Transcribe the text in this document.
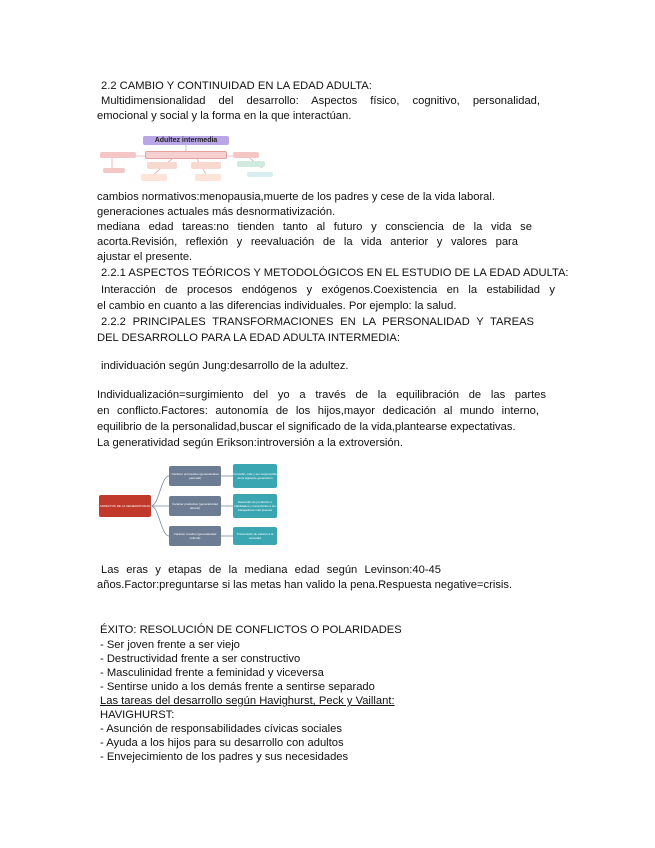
2.2 CAMBIO Y CONTINUIDAD EN LA EDAD ADULTA:
Multidimensionalidad del desarrollo: Aspectos físico, cognitivo, personalidad,
emocional y social y la forma en la que interactúan.
Adultez intermedia
cambios normativos:menopausia,muerte de los padres y cese de la vida laboral.
generaciones actuales más desnormativización.
mediana edad tareas:no tienden tanto al futuro y consciencia de la vida se
acorta.Revisión, reflexión y reevaluación de la vida anterior y valores para
ajustar el presente.
2.2.1 ASPECTOS TEÓRICOS Y METODOLÓGICOS EN EL ESTUDIO DE LA EDAD ADULTA:
Interacción de procesos endógenos y exógenos.Coexistencia en la estabilidad y
el cambio en cuanto a las diferencias individuales. Por ejemplo: la salud.
2.2.2 PRINCIPALES TRANSFORMACIONES EN LA PERSONALIDAD Y TAREAS
DEL DESARROLLO PARA LA EDAD ADULTA INTERMEDIA:
individuación según Jung:desarrollo de la adultez.
Individualización=surgimiento del yo a través de la equilibración de las partes
en conflicto.Factores: autonomía de los hijos,mayor dedicación al mundo interno,
equilibrio de la personalidad,buscar el significado de la vida,plantearse expectativas.
La generatividad según Erikson:introversión a la extroversión.
ASPECTOS DE LA GENERATIVIDAD
Carácter procreativo (generatividad parental)
Carácter productivo (generatividad laboral)
Carácter creativo (generatividad cultural)
Concebir, criar y ser responsable de la siguiente generación
Desarrollo de productos o habilidades y transmitirlos a los trabajadores más jóvenes
Transmisión de valores a la sociedad
Las eras y etapas de la mediana edad según Levinson:40-45
años.Factor:preguntarse si las metas han valido la pena.Respuesta negative=crisis.
ÉXITO: RESOLUCIÓN DE CONFLICTOS O POLARIDADES
- Ser joven frente a ser viejo
- Destructividad frente a ser constructivo
- Masculinidad frente a feminidad y viceversa
- Sentirse unido a los demás frente a sentirse separado
Las tareas del desarrollo según Havighurst, Peck y Vaillant:
HAVIGHURST:
- Asunción de responsabilidades cívicas sociales
- Ayuda a los hijos para su desarrollo con adultos
- Envejecimiento de los padres y sus necesidades
